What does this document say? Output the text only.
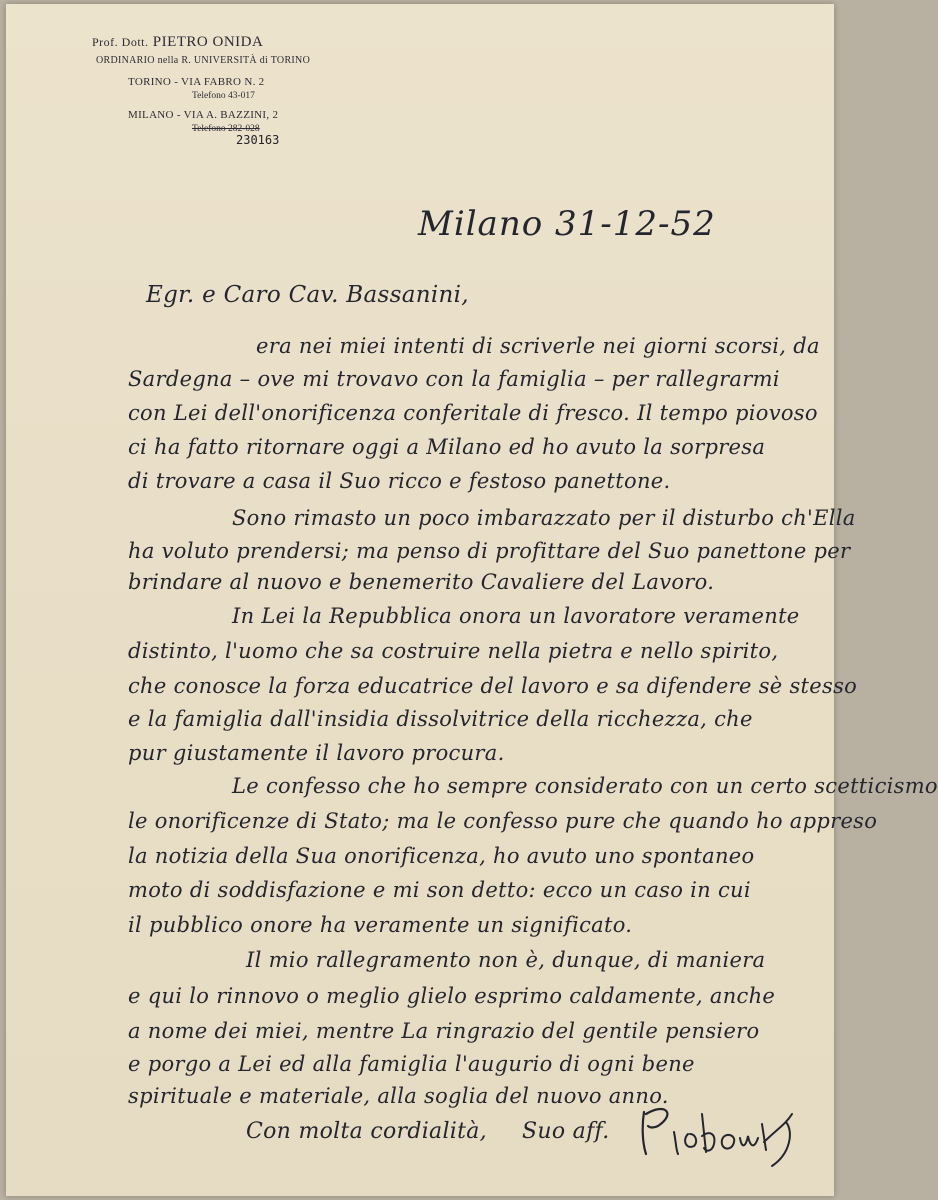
Prof. Dott. PIETRO ONIDA
ORDINARIO nella R. UNIVERSITÀ di TORINO
TORINO - VIA FABRO N. 2
Telefono 43-017
MILANO - VIA A. BAZZINI, 2
Telefono 282-028
230163
Milano 31-12-52
Egr. e Caro Cav. Bassanini,
era nei miei intenti di scriverle nei giorni scorsi, da
Sardegna – ove mi trovavo con la famiglia – per rallegrarmi
con Lei dell'onorificenza conferitale di fresco. Il tempo piovoso
ci ha fatto ritornare oggi a Milano ed ho avuto la sorpresa
di trovare a casa il Suo ricco e festoso panettone.
Sono rimasto un poco imbarazzato per il disturbo ch'Ella
ha voluto prendersi; ma penso di profittare del Suo panettone per
brindare al nuovo e benemerito Cavaliere del Lavoro.
In Lei la Repubblica onora un lavoratore veramente
distinto, l'uomo che sa costruire nella pietra e nello spirito,
che conosce la forza educatrice del lavoro e sa difendere sè stesso
e la famiglia dall'insidia dissolvitrice della ricchezza, che
pur giustamente il lavoro procura.
Le confesso che ho sempre considerato con un certo scetticismo
le onorificenze di Stato; ma le confesso pure che quando ho appreso
la notizia della Sua onorificenza, ho avuto uno spontaneo
moto di soddisfazione e mi son detto: ecco un caso in cui
il pubblico onore ha veramente un significato.
Il mio rallegramento non è, dunque, di maniera
e qui lo rinnovo o meglio glielo esprimo caldamente, anche
a nome dei miei, mentre La ringrazio del gentile pensiero
e porgo a Lei ed alla famiglia l'augurio di ogni bene
spirituale e materiale, alla soglia del nuovo anno.
Con molta cordialità, Suo aff.
